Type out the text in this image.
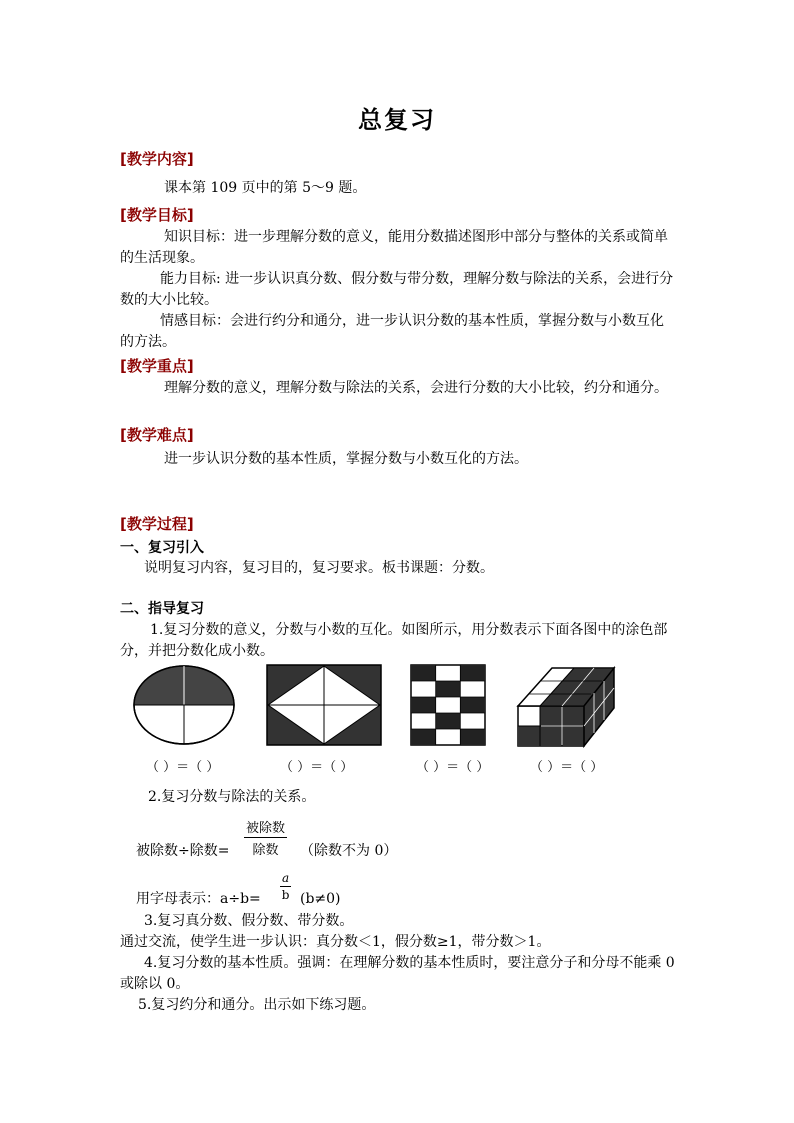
总复习
[教学内容]
课本第 109 页中的第 5～9 题。
[教学目标]
知识目标：进一步理解分数的意义，能用分数描述图形中部分与整体的关系或简单的生活现象。
能力目标: 进一步认识真分数、假分数与带分数，理解分数与除法的关系，会进行分数的大小比较。
情感目标：会进行约分和通分，进一步认识分数的基本性质，掌握分数与小数互化的方法。
[教学重点]
理解分数的意义，理解分数与除法的关系，会进行分数的大小比较，约分和通分。
[教学难点]
进一步认识分数的基本性质，掌握分数与小数互化的方法。
[教学过程]
一、复习引入
说明复习内容，复习目的，复习要求。板书课题：分数。
二、指导复习
1.复习分数的意义，分数与小数的互化。如图所示，用分数表示下面各图中的涂色部分，并把分数化成小数。
（ ）＝（ ）	（ ）＝（ ）	（ ）＝（ ）	（ ）＝（ ）
2.复习分数与除法的关系。
被除数÷除数=
被除数
除数	（除数不为 0）
用字母表示：$a\div b= \frac{a}{b} (b\ne 0)$
3.复习真分数、假分数、带分数。
通过交流，使学生进一步认识：真分数＜1，假分数≥1，带分数＞1。
4.复习分数的基本性质。强调：在理解分数的基本性质时，要注意分子和分母不能乘 0 或除以 0。
5.复习约分和通分。出示如下练习题。
